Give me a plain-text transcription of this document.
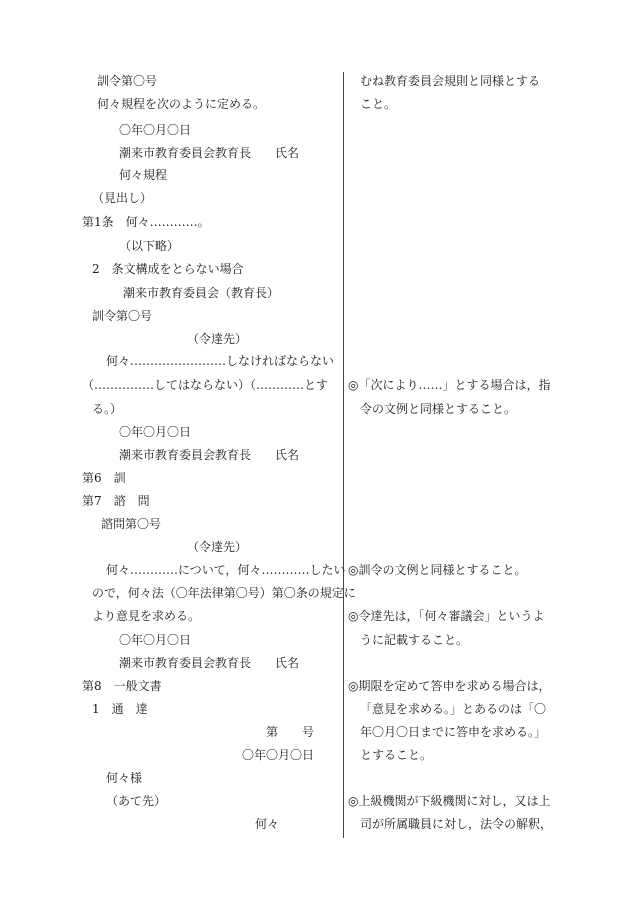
訓令第〇号
何々規程を次のように定める。
〇年〇月〇日
潮来市教育委員会教育長　　氏名
何々規程
（見出し）
第1条　何々…………。
（以下略）
2　条文構成をとらない場合
潮来市教育委員会（教育長）
訓令第〇号
（令達先）
何々……………………しなければならない
（……………してはならない）（…………とす
る。）
〇年〇月〇日
潮来市教育委員会教育長　　氏名
第6　訓
第7　諮　問
諮問第〇号
（令達先）
何々…………について，何々…………したい
ので，何々法（〇年法律第〇号）第〇条の規定に
より意見を求める。
〇年〇月〇日
潮来市教育委員会教育長　　氏名
第8　一般文書
1　通　達
第　　号
〇年〇月〇日
何々様
（あて先）
何々
むね教育委員会規則と同様とする
こと。
◎「次により……」とする場合は，指
令の文例と同様とすること。
◎訓令の文例と同様とすること。
◎令達先は，「何々審議会」というよ
うに記載すること。
◎期限を定めて答申を求める場合は，
「意見を求める。」とあるのは「〇
年〇月〇日までに答申を求める。」
とすること。
◎上級機関が下級機関に対し，又は上
司が所属職員に対し，法令の解釈，
